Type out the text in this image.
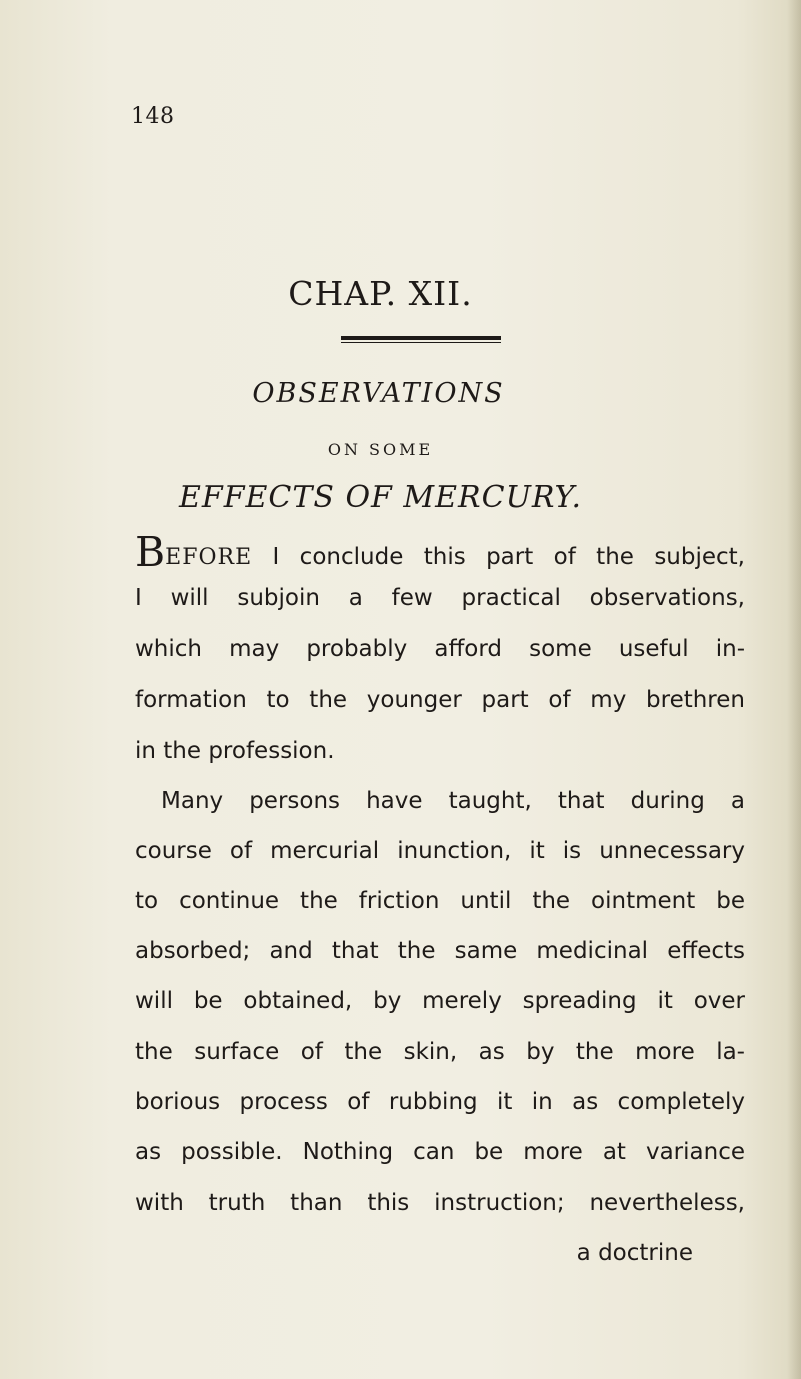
148
CHAP. XII.
OBSERVATIONS
ON SOME
EFFECTS OF MERCURY.
BEFORE I conclude this part of the subject,
I will subjoin a few practical observations,
which may probably afford some useful in-
formation to the younger part of my brethren
in the profession.
Many persons have taught, that during a
course of mercurial inunction, it is unnecessary
to continue the friction until the ointment be
absorbed; and that the same medicinal effects
will be obtained, by merely spreading it over
the surface of the skin, as by the more la-
borious process of rubbing it in as completely
as possible. Nothing can be more at variance
with truth than this instruction; nevertheless,
a doctrine
